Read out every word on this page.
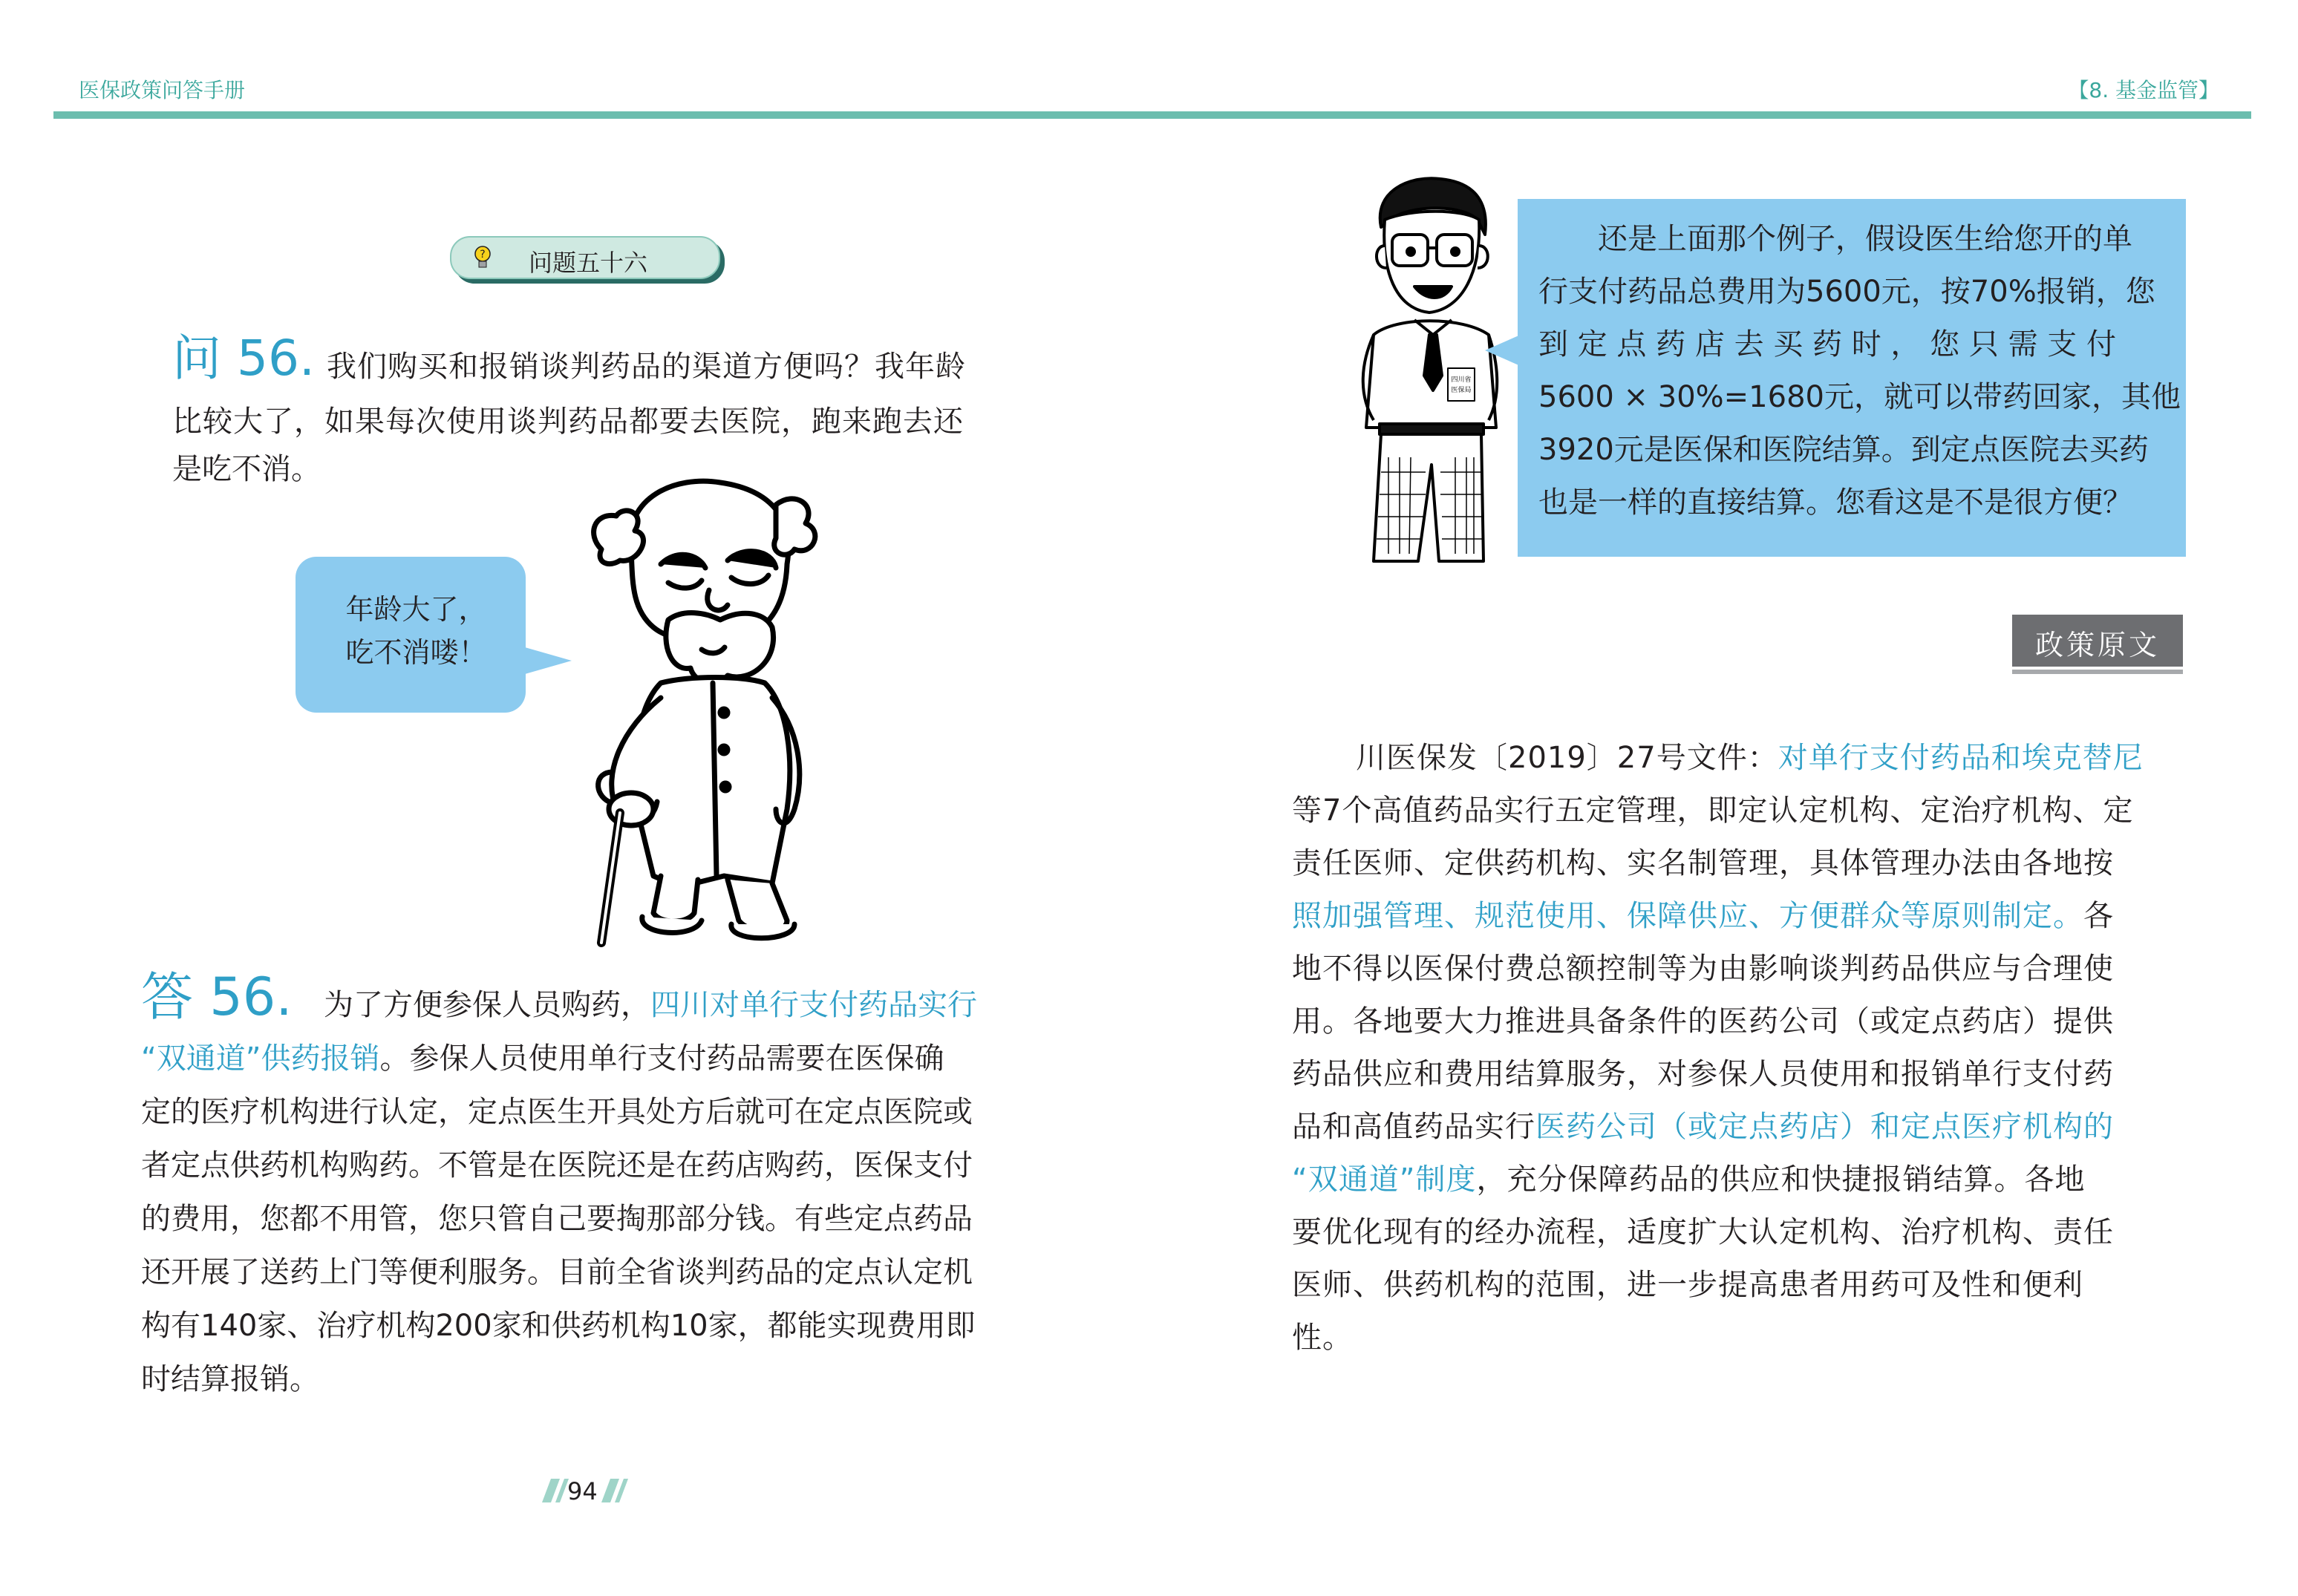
医保政策问答手册	【8. 基金监管】
? 问题五十六
问 56. 我们购买和报销谈判药品的渠道方便吗？我年龄
比较大了，如果每次使用谈判药品都要去医院，跑来跑去还
是吃不消。
年龄大了，
吃不消喽！
答 56. 为了方便参保人员购药，四川对单行支付药品实行
“双通道”供药报销。参保人员使用单行支付药品需要在医保确
定的医疗机构进行认定，定点医生开具处方后就可在定点医院或
者定点供药机构购药。不管是在医院还是在药店购药，医保支付
的费用，您都不用管，您只管自己要掏那部分钱。有些定点药品
还开展了送药上门等便利服务。目前全省谈判药品的定点认定机
构有140家、治疗机构200家和供药机构10家，都能实现费用即
时结算报销。
94
四川省
医保局
还是上面那个例子，假设医生给您开的单
行支付药品总费用为5600元，按70%报销，您
到 定 点 药 店 去 买 药 时 ， 您 只 需 支 付
5600 × 30%=1680元，就可以带药回家，其他
3920元是医保和医院结算。到定点医院去买药
也是一样的直接结算。您看这是不是很方便？
政策原文
川医保发〔2019〕27号文件：对单行支付药品和埃克替尼
等7个高值药品实行五定管理，即定认定机构、定治疗机构、定
责任医师、定供药机构、实名制管理，具体管理办法由各地按
照加强管理、规范使用、保障供应、方便群众等原则制定。各
地不得以医保付费总额控制等为由影响谈判药品供应与合理使
用。各地要大力推进具备条件的医药公司（或定点药店）提供
药品供应和费用结算服务，对参保人员使用和报销单行支付药
品和高值药品实行医药公司（或定点药店）和定点医疗机构的
“双通道”制度，充分保障药品的供应和快捷报销结算。各地
要优化现有的经办流程，适度扩大认定机构、治疗机构、责任
医师、供药机构的范围，进一步提高患者用药可及性和便利
性。
